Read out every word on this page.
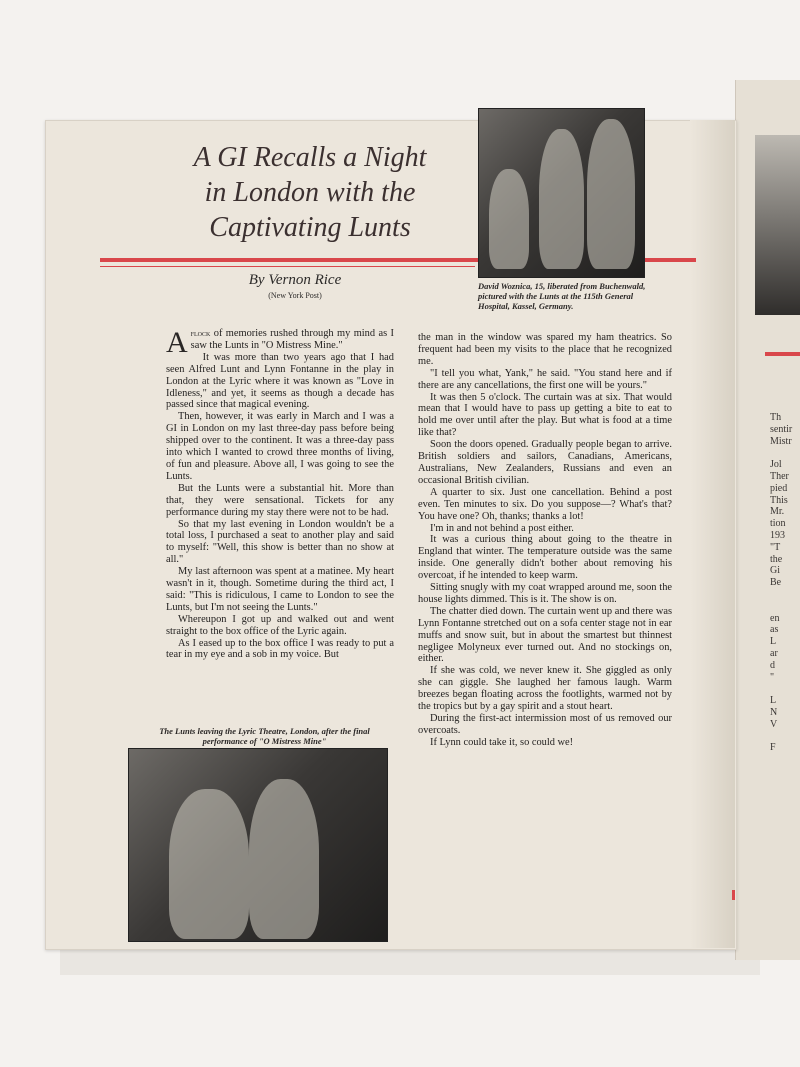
Th
sentir
Mistr

Jol
Ther
pied
This
Mr.
tion
193
"T
the
Gi
Be

en
as
L
ar
d
"

L
N
V

F
A GI Recalls a Night
in London with the
Captivating Lunts
By Vernon Rice
(New York Post)
David Woznica, 15, liberated from Buchenwald, pictured with the Lunts at the 115th General Hospital, Kassel, Germany.
The Lunts leaving the Lyric Theatre, London, after the final performance of "O Mistress Mine"

Aflock of memories rushed through my mind as I saw the Lunts in "O Mistress Mine."

It was more than two years ago that I had seen Alfred Lunt and Lynn Fontanne in the play in London at the Lyric where it was known as "Love in Idleness," and yet, it seems as though a decade has passed since that magical evening.

Then, however, it was early in March and I was a GI in London on my last three-day pass before being shipped over to the continent. It was a three-day pass into which I wanted to crowd three months of living, of fun and pleasure. Above all, I was going to see the Lunts.

But the Lunts were a substantial hit. More than that, they were sensational. Tickets for any performance during my stay there were not to be had.

So that my last evening in London wouldn't be a total loss, I purchased a seat to another play and said to myself: "Well, this show is better than no show at all."

My last afternoon was spent at a matinee. My heart wasn't in it, though. Sometime during the third act, I said: "This is ridiculous, I came to London to see the Lunts, but I'm not seeing the Lunts."

Whereupon I got up and walked out and went straight to the box office of the Lyric again.

As I eased up to the box office I was ready to put a tear in my eye and a sob in my voice. But

the man in the window was spared my ham theatrics. So frequent had been my visits to the place that he recognized me.

"I tell you what, Yank," he said. "You stand here and if there are any cancellations, the first one will be yours."

It was then 5 o'clock. The curtain was at six. That would mean that I would have to pass up getting a bite to eat to hold me over until after the play. But what is food at a time like that?

Soon the doors opened. Gradually people began to arrive. British soldiers and sailors, Canadians, Americans, Australians, New Zealanders, Russians and even an occasional British civilian.

A quarter to six. Just one cancellation. Behind a post even. Ten minutes to six. Do you suppose—? What's that? You have one? Oh, thanks; thanks a lot!

I'm in and not behind a post either.

It was a curious thing about going to the theatre in England that winter. The temperature outside was the same inside. One generally didn't bother about removing his overcoat, if he intended to keep warm.

Sitting snugly with my coat wrapped around me, soon the house lights dimmed. This is it. The show is on.

The chatter died down. The curtain went up and there was Lynn Fontanne stretched out on a sofa center stage not in ear muffs and snow suit, but in about the smartest but thinnest negligee Molyneux ever turned out. And no stockings on, either.

If she was cold, we never knew it. She giggled as only she can giggle. She laughed her famous laugh. Warm breezes began floating across the footlights, warmed not by the tropics but by a gay spirit and a stout heart.

During the first-act intermission most of us removed our overcoats.

If Lynn could take it, so could we!
